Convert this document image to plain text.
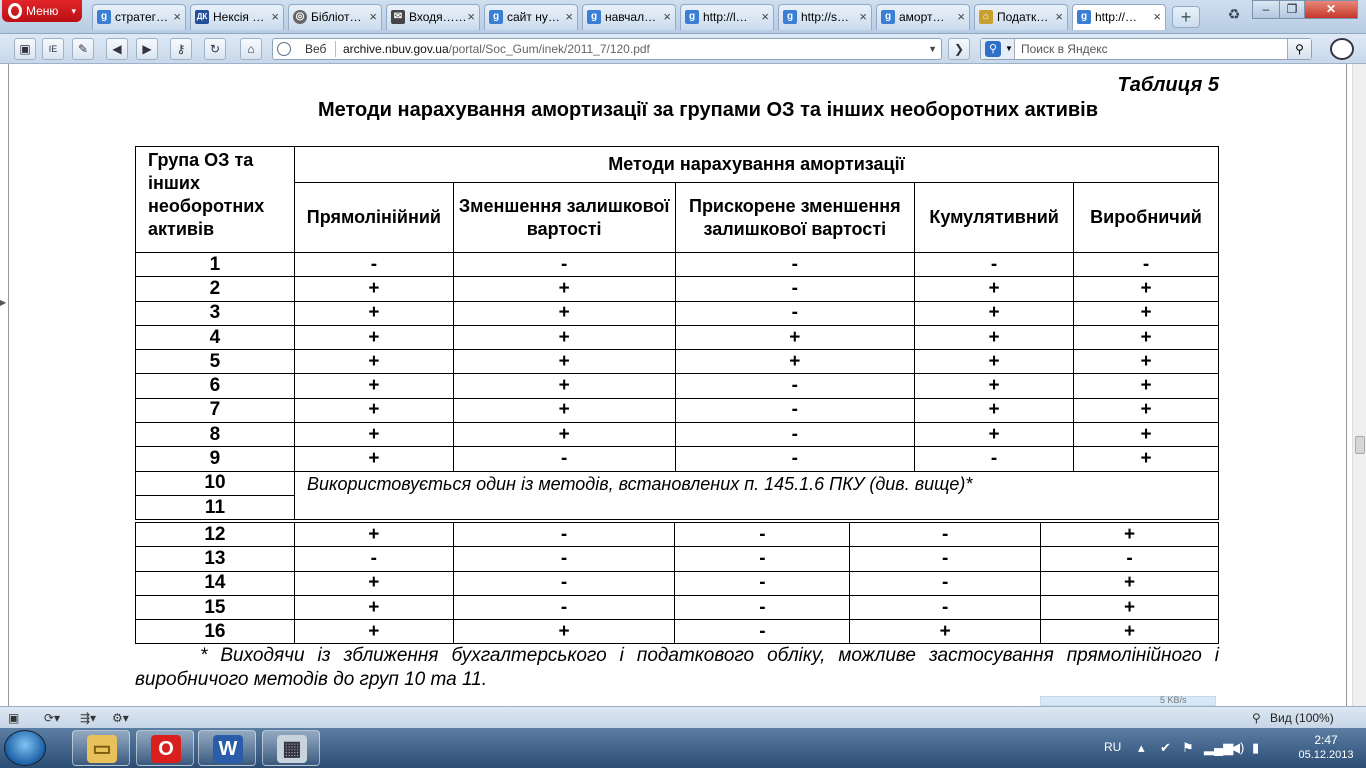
Меню ▾	g стратег… × ДК Нексія … × ◎ Бібліот… × ✉ Входя…… ×	g сайт ну… ×	g навчал… ×	g http://l… ×	g http://s… ×	g аморт… ×	⌂ Податк… ×	g http://… ×	+	♻	–	❐	✕
▣	IE	✎	◀	▶	⚷	↻	⌂	Веб archive.nbuv.gov.ua/portal/Soc_Gum/inek/2011_7/120.pdf	▼	❯	⚲ ▼ Поиск в Яндекс	⚲
Таблиця 5
Методи нарахування амортизації за групами ОЗ та інших необоротних активів
Група ОЗ та інших необоротних активів	Методи нарахування амортизації				
	Прямолінійний	Зменшення залишкової вартості	Прискорене зменшення залишкової вартості	Кумулятивний	Виробничий
1	-	-	-	-	-
2	+	+	-	+	+
3	+	+	-	+	+
4	+	+	+	+	+
5	+	+	+	+	+
6	+	+	-	+	+
7	+	+	-	+	+
8	+	+	-	+	+
9	+	-	-	-	+
10	Використовується один із методів, встановлених п. 145.1.6 ПКУ (див. вище)*				
11					
12	+	-	-	-	+
13	-	-	-	-	-
14	+	-	-	-	+
15	+	-	-	-	+
16	+	+	-	+	+
* Виходячи із зближення бухгалтерського і податкового обліку, можливе застосування прямолінійного і виробничого методів до груп 10 та 11.
▶
▣ ⟳▾ ⇶▾ ⚙▾
5 KB/s
⚲ Вид (100%)
▭	O	W ▦	RU ▴ ✔ ⚑ ▂▄▆
◀) ▮	2:47
05.12.2013
